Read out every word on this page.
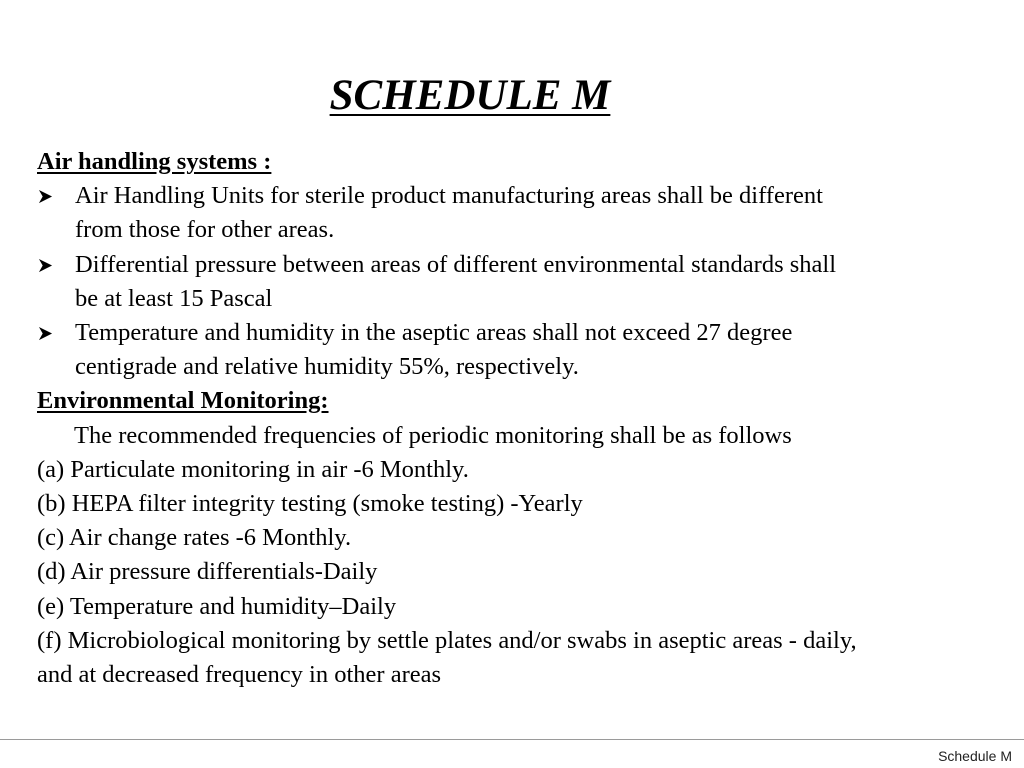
SCHEDULE M
Air handling systems :
Air Handling Units for sterile product manufacturing areas shall be different
from those for other areas.
Differential pressure between areas of different environmental standards shall
be at least 15 Pascal
Temperature and humidity in the aseptic areas shall not exceed 27 degree
centigrade and relative humidity 55%, respectively.
Environmental Monitoring:
The recommended frequencies of periodic monitoring shall be as follows
(a) Particulate monitoring in air -6 Monthly.
(b) HEPA filter integrity testing (smoke testing) -Yearly
(c) Air change rates -6 Monthly.
(d) Air pressure differentials-Daily
(e) Temperature and humidity–Daily
(f) Microbiological monitoring by settle plates and/or swabs in aseptic areas - daily,
and at decreased frequency in other areas
Schedule M
